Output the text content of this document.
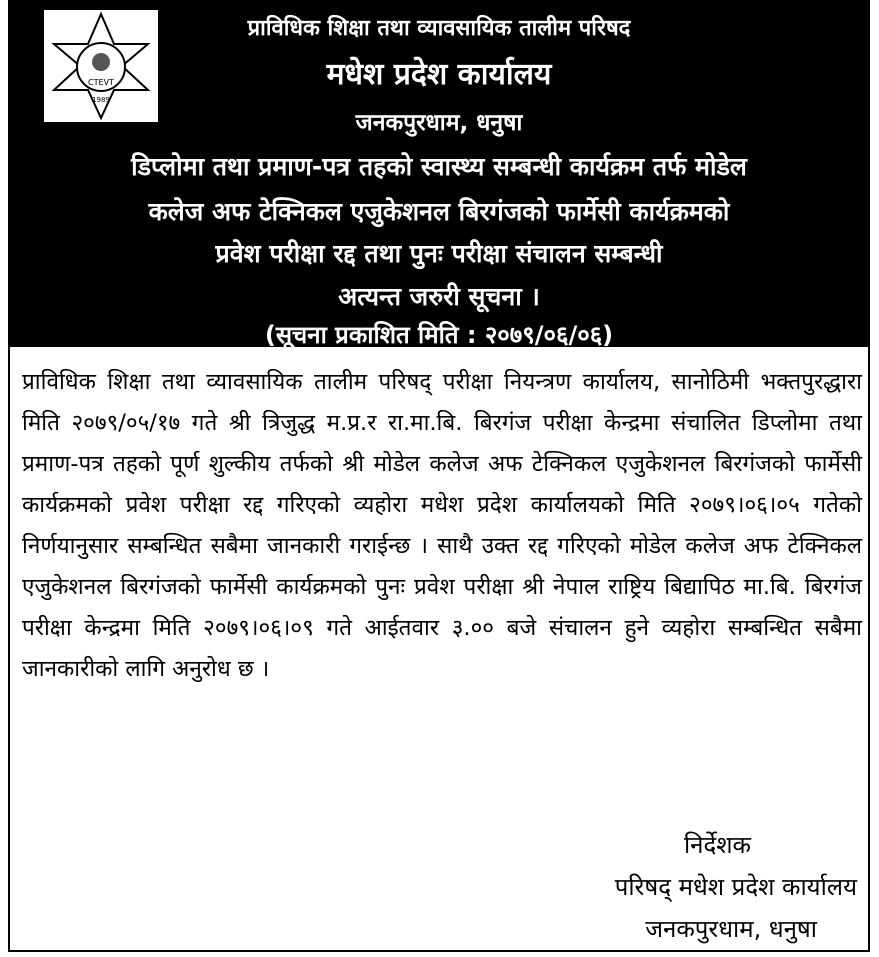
CTEVT
1989
प्राविधिक शिक्षा तथा व्यावसायिक तालीम परिषद
मधेश प्रदेश कार्यालय
जनकपुरधाम, धनुषा
डिप्लोमा तथा प्रमाण-पत्र तहको स्वास्थ्य सम्बन्धी कार्यक्रम तर्फ मोडेल
कलेज अफ टेक्निकल एजुकेशनल बिरगंजको फार्मेसी कार्यक्रमको
प्रवेश परीक्षा रद्द तथा पुनः परीक्षा संचालन सम्बन्धी
अत्यन्त जरुरी सूचना ।
(सूचना प्रकाशित मिति : २०७९/०६/०६)
प्राविधिक शिक्षा तथा व्यावसायिक तालीम परिषद् परीक्षा नियन्त्रण कार्यालय, सानोठिमी भक्तपुरद्धारा मिति २०७९/०५/१७ गते श्री त्रिजुद्ध म.प्र.र रा.मा.बि. बिरगंज परीक्षा केन्द्रमा संचालित डिप्लोमा तथा प्रमाण-पत्र तहको पूर्ण शुल्कीय तर्फको श्री मोडेल कलेज अफ टेक्निकल एजुकेशनल बिरगंजको फार्मेसी कार्यक्रमको प्रवेश परीक्षा रद्द गरिएको व्यहोरा मधेश प्रदेश कार्यालयको मिति २०७९।०६।०५ गतेको निर्णयानुसार सम्बन्धित सबैमा जानकारी गराईन्छ । साथै उक्त रद्द गरिएको मोडेल कलेज अफ टेक्निकल एजुकेशनल बिरगंजको फार्मेसी कार्यक्रमको पुनः प्रवेश परीक्षा श्री नेपाल राष्ट्रिय बिद्यापिठ मा.बि. बिरगंज परीक्षा केन्द्रमा मिति २०७९।०६।०९ गते आईतवार ३.०० बजे संचालन हुने व्यहोरा सम्बन्धित सबैमा जानकारीको लागि अनुरोध छ ।
निर्देशक
परिषद् मधेश प्रदेश कार्यालय
जनकपुरधाम, धनुषा
